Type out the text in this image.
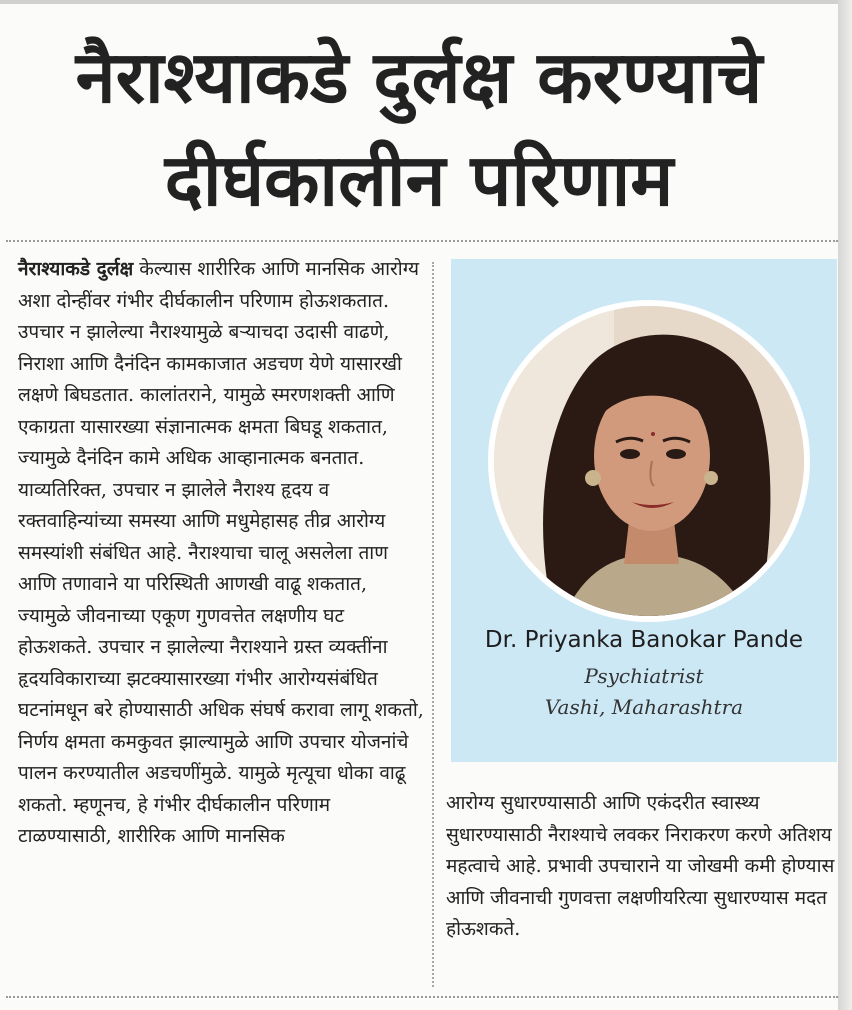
नैराश्याकडे दुर्लक्ष करण्याचे
दीर्घकालीन परिणाम
नैराश्याकडे दुर्लक्ष केल्यास शारीरिक आणि मानसिक आरोग्य अशा दोन्हींवर गंभीर दीर्घकालीन परिणाम होऊशकतात. उपचार न झालेल्या नैराश्यामुळे बऱ्याचदा उदासी वाढणे, निराशा आणि दैनंदिन कामकाजात अडचण येणे यासारखी लक्षणे बिघडतात. कालांतराने, यामुळे स्मरणशक्ती आणि एकाग्रता यासारख्या संज्ञानात्मक क्षमता बिघडू शकतात, ज्यामुळे दैनंदिन कामे अधिक आव्हानात्मक बनतात. याव्यतिरिक्त, उपचार न झालेले नैराश्य हृदय व रक्तवाहिन्यांच्या समस्या आणि मधुमेहासह तीव्र आरोग्य समस्यांशी संबंधित आहे. नैराश्याचा चालू असलेला ताण आणि तणावाने या परिस्थिती आणखी वाढू शकतात, ज्यामुळे जीवनाच्या एकूण गुणवत्तेत लक्षणीय घट होऊशकते. उपचार न झालेल्या नैराश्याने ग्रस्त व्यक्तींना हृदयविकाराच्या झटक्यासारख्या गंभीर आरोग्यसंबंधित घटनांमधून बरे होण्यासाठी अधिक संघर्ष करावा लागू शकतो, निर्णय क्षमता कमकुवत झाल्यामुळे आणि उपचार योजनांचे पालन करण्यातील अडचणींमुळे. यामुळे मृत्यूचा धोका वाढू शकतो. म्हणूनच, हे गंभीर दीर्घकालीन परिणाम टाळण्यासाठी, शारीरिक आणि मानसिक
Dr. Priyanka Banokar Pande
Psychiatrist
Vashi, Maharashtra
आरोग्य सुधारण्यासाठी आणि एकंदरीत स्वास्थ्य सुधारण्यासाठी नैराश्याचे लवकर निराकरण करणे अतिशय महत्वाचे आहे. प्रभावी उपचाराने या जोखमी कमी होण्यास आणि जीवनाची गुणवत्ता लक्षणीयरित्या सुधारण्यास मदत होऊशकते.
